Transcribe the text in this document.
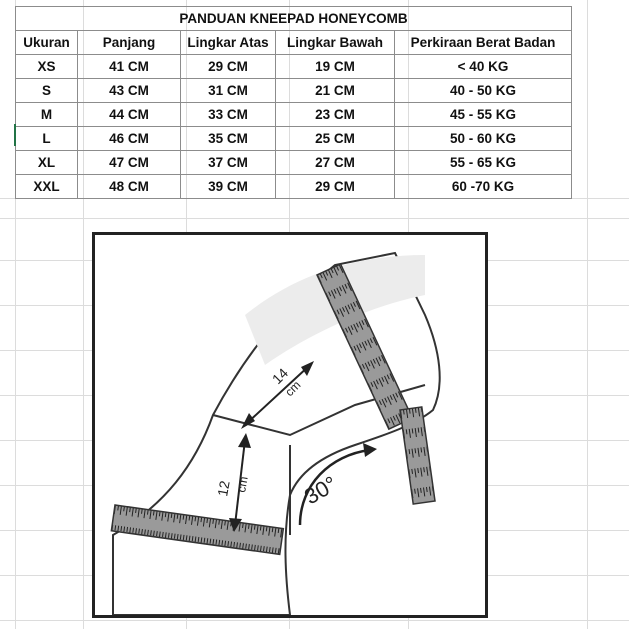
PANDUAN KNEEPAD HONEYCOMB				
Ukuran	Panjang	Lingkar Atas	Lingkar Bawah	Perkiraan Berat Badan
XS	41 CM	29 CM	19 CM	< 40 KG
S	43 CM	31 CM	21 CM	40 - 50 KG
M	44 CM	33 CM	23 CM	45 - 55 KG
L	46 CM	35 CM	25 CM	50 - 60 KG
XL	47 CM	37 CM	27 CM	55 - 65 KG
XXL	48 CM	39 CM	29 CM	60 -70 KG
14
cm
12 cm 30°
